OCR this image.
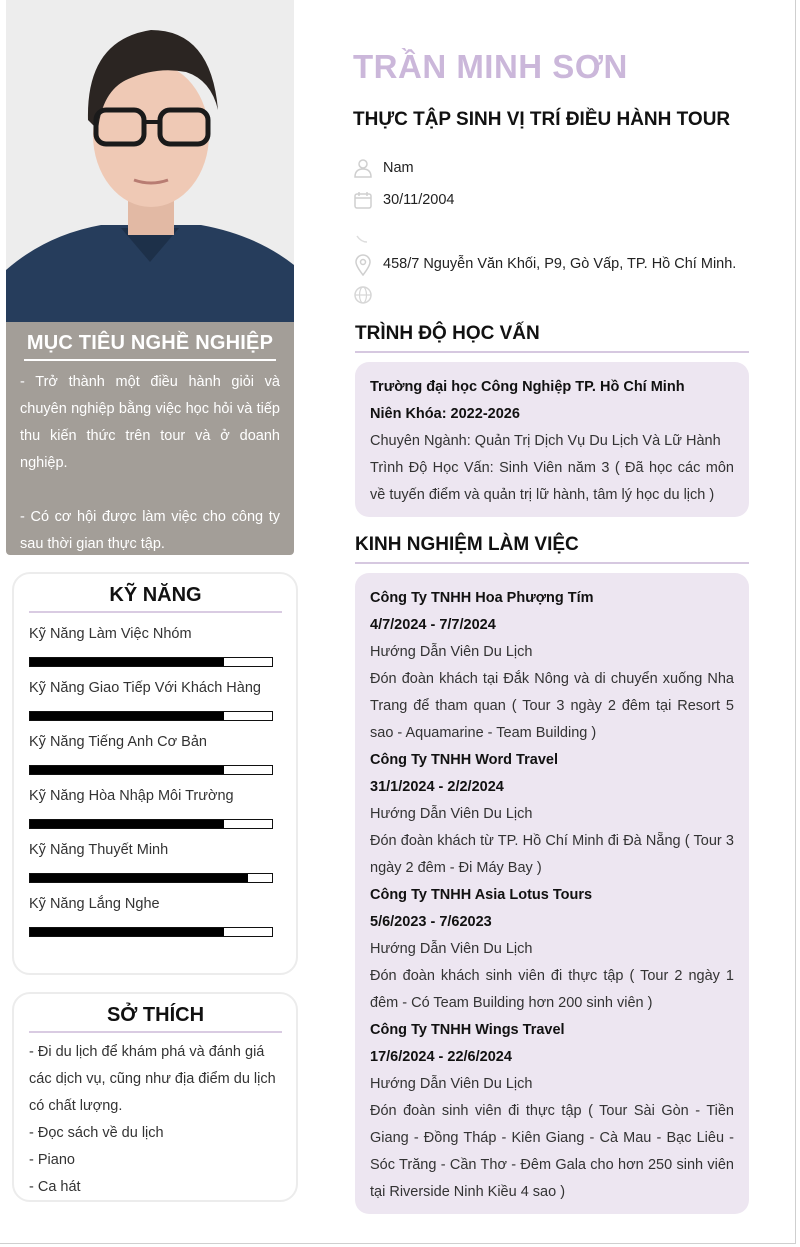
MỤC TIÊU NGHỀ NGHIỆP

- Trở thành một điều hành giỏi và chuyên nghiệp bằng việc học hỏi và tiếp thu kiến thức trên tour và ở doanh nghiệp.

- Có cơ hội được làm việc cho công ty sau thời gian thực tập.

KỸ NĂNG
Kỹ Năng Làm Việc Nhóm
Kỹ Năng Giao Tiếp Với Khách Hàng
Kỹ Năng Tiếng Anh Cơ Bản
Kỹ Năng Hòa Nhập Môi Trường
Kỹ Năng Thuyết Minh
Kỹ Năng Lắng Nghe
SỞ THÍCH

- Đi du lịch để khám phá và đánh giá các dịch vụ, cũng như địa điểm du lịch có chất lượng.

- Đọc sách về du lịch

- Piano

- Ca hát

TRẦN MINH SƠN
THỰC TẬP SINH VỊ TRÍ ĐIỀU HÀNH TOUR
Nam
30/11/2004
458/7 Nguyễn Văn Khối, P9, Gò Vấp, TP. Hồ Chí Minh.
TRÌNH ĐỘ HỌC VẤN
Trường đại học Công Nghiệp TP. Hồ Chí Minh
Niên Khóa: 2022-2026
Chuyên Ngành: Quản Trị Dịch Vụ Du Lịch Và Lữ Hành
Trình Độ Học Vấn: Sinh Viên năm 3 ( Đã học các môn về tuyến điểm và quản trị lữ hành, tâm lý học du lịch )
KINH NGHIỆM LÀM VIỆC
Công Ty TNHH Hoa Phượng Tím
4/7/2024 - 7/7/2024
Hướng Dẫn Viên Du Lịch
Đón đoàn khách tại Đắk Nông và di chuyển xuống Nha Trang để tham quan ( Tour 3 ngày 2 đêm tại Resort 5 sao - Aquamarine - Team Building )
Công Ty TNHH Word Travel
31/1/2024 - 2/2/2024
Hướng Dẫn Viên Du Lịch
Đón đoàn khách từ TP. Hồ Chí Minh đi Đà Nẵng ( Tour 3 ngày 2 đêm - Đi Máy Bay )
Công Ty TNHH Asia Lotus Tours
5/6/2023 - 7/62023
Hướng Dẫn Viên Du Lịch
Đón đoàn khách sinh viên đi thực tập ( Tour 2 ngày 1 đêm - Có Team Building hơn 200 sinh viên )
Công Ty TNHH Wings Travel
17/6/2024 - 22/6/2024
Hướng Dẫn Viên Du Lịch
Đón đoàn sinh viên đi thực tập ( Tour Sài Gòn - Tiền Giang - Đồng Tháp - Kiên Giang - Cà Mau - Bạc Liêu - Sóc Trăng - Cần Thơ - Đêm Gala cho hơn 250 sinh viên tại Riverside Ninh Kiều 4 sao )
